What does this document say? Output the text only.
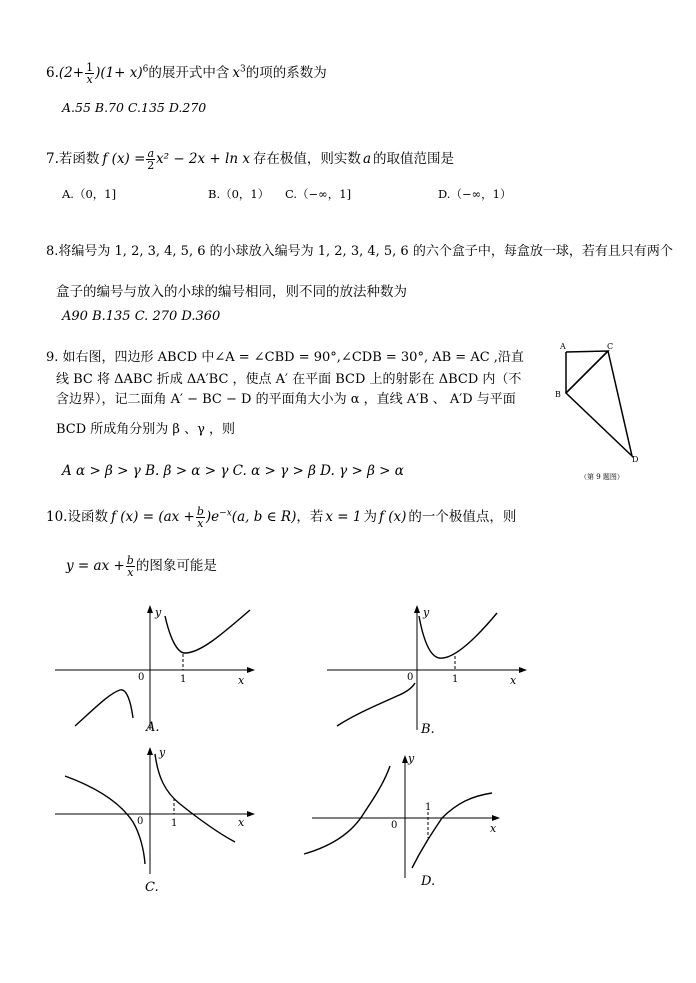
$6.(2+ \frac{1}{x} )(1+ x)^6$的展开式中含 $x^3$的项的系数为
A.55 B.70 C.135 D.270
7.若函数 f $(x) = \frac{a}{2} x^2 - 2x + \ln x$ 存在极值，则实数 a 的取值范围是
A.（0，1]	B.（0，1） C.（−∞，1]	D.（−∞，1）
8.将编号为 1, 2, 3, 4, 5, 6 的小球放入编号为 1, 2, 3, 4, 5, 6 的六个盒子中，每盒放一球，若有且只有两个
盒子的编号与放入的小球的编号相同，则不同的放法种数为
A90 B.135 C. 270 D.360
9. 如右图，四边形 ABCD 中∠A = ∠CBD = 90°,∠CDB = 30°, AB = AC ,沿直
线 BC 将 ΔABC 折成 ΔA′BC ，使点 A′ 在平面 BCD 上的射影在 ΔBCD 内（不
含边界），记二面角 A′ − BC − D 的平面角大小为 α ，直线 A′B 、 A′D 与平面
BCD 所成角分别为 β 、γ ，则
A α > β > γ B. β > α > γ C. α > γ > β D. γ > β > α
A	C
B
D
（第 9 题图）
10.设函数 f $(x) = (ax + \frac{b}{x} )e^{-x}(a$, b ∈ R)，若 x = 1 为 f (x) 的一个极值点，则
y = ax + $\frac{b}{x}$ 的图象可能是
0	1	x
y
A.
0	1	x
y
B.
0	1	x
y
C.
0
1
x
y
D.
